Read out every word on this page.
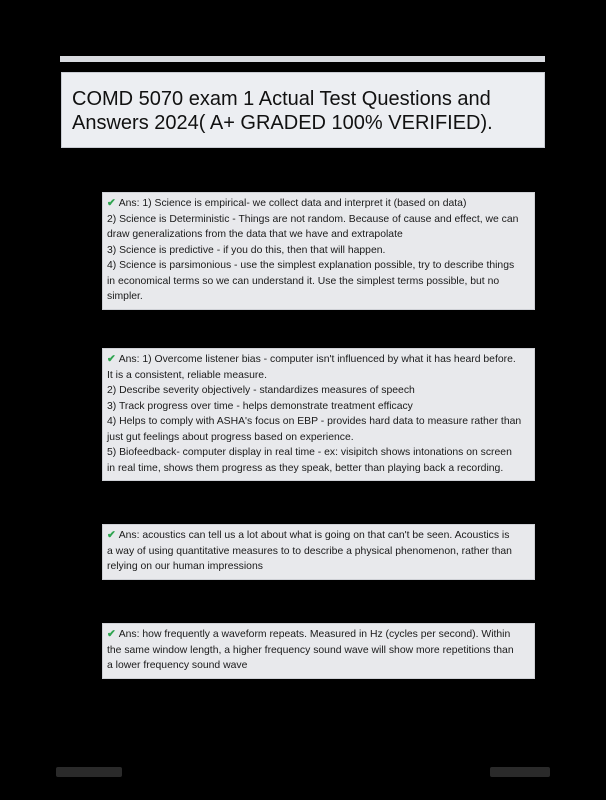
COMD 5070 exam 1 Actual Test Questions and
Answers 2024( A+ GRADED 100% VERIFIED).
✔ Ans: 1) Science is empirical- we collect data and interpret it (based on data)
2) Science is Deterministic - Things are not random. Because of cause and effect, we can
draw generalizations from the data that we have and extrapolate
3) Science is predictive - if you do this, then that will happen.
4) Science is parsimonious - use the simplest explanation possible, try to describe things
in economical terms so we can understand it. Use the simplest terms possible, but no
simpler.
✔ Ans: 1) Overcome listener bias - computer isn't influenced by what it has heard before.
It is a consistent, reliable measure.
2) Describe severity objectively - standardizes measures of speech
3) Track progress over time - helps demonstrate treatment efficacy
4) Helps to comply with ASHA's focus on EBP - provides hard data to measure rather than
just gut feelings about progress based on experience.
5) Biofeedback- computer display in real time - ex: visipitch shows intonations on screen
in real time, shows them progress as they speak, better than playing back a recording.
✔ Ans: acoustics can tell us a lot about what is going on that can't be seen. Acoustics is
a way of using quantitative measures to to describe a physical phenomenon, rather than
relying on our human impressions
✔ Ans: how frequently a waveform repeats. Measured in Hz (cycles per second). Within
the same window length, a higher frequency sound wave will show more repetitions than
a lower frequency sound wave
